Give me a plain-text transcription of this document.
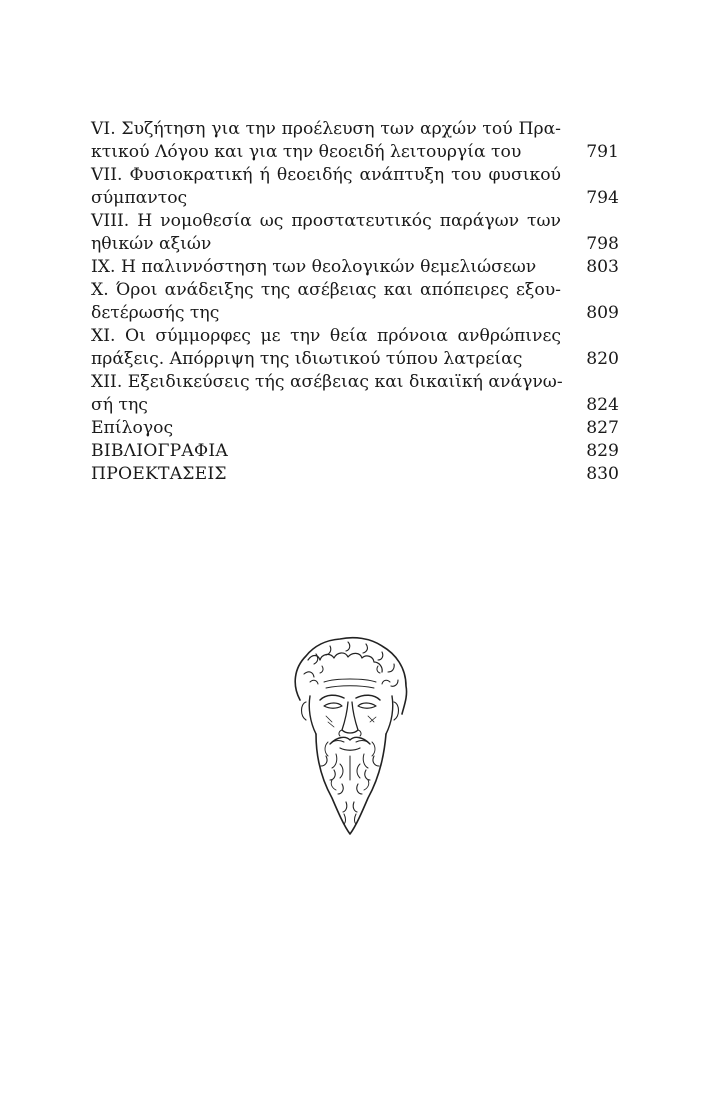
VI. Συζήτηση για την προέλευση των αρχών τού Πρα-
κτικού Λόγου και για την θεοειδή λειτουργία του	791
VII. Φυσιοκρατική ή θεοειδής ανάπτυξη του φυσικού
σύμπαντος	794
VIII. Η νομοθεσία ως προστατευτικός παράγων των
ηθικών αξιών	798
IX. Η παλιννόστηση των θεολογικών θεμελιώσεων	803
X. Όροι ανάδειξης της ασέβειας και απόπειρες εξου-
δετέρωσής της	809
XI. Οι σύμμορφες με την θεία πρόνοια ανθρώπινες
πράξεις. Απόρριψη της ιδιωτικού τύπου λατρείας	820
XII. Εξειδικεύσεις τής ασέβειας και δικαιϊκή ανάγνω-
σή της	824
Επίλογος	827
ΒΙΒΛΙΟΓΡΑΦΙΑ	829
ΠΡΟΕΚΤΑΣΕΙΣ	830
